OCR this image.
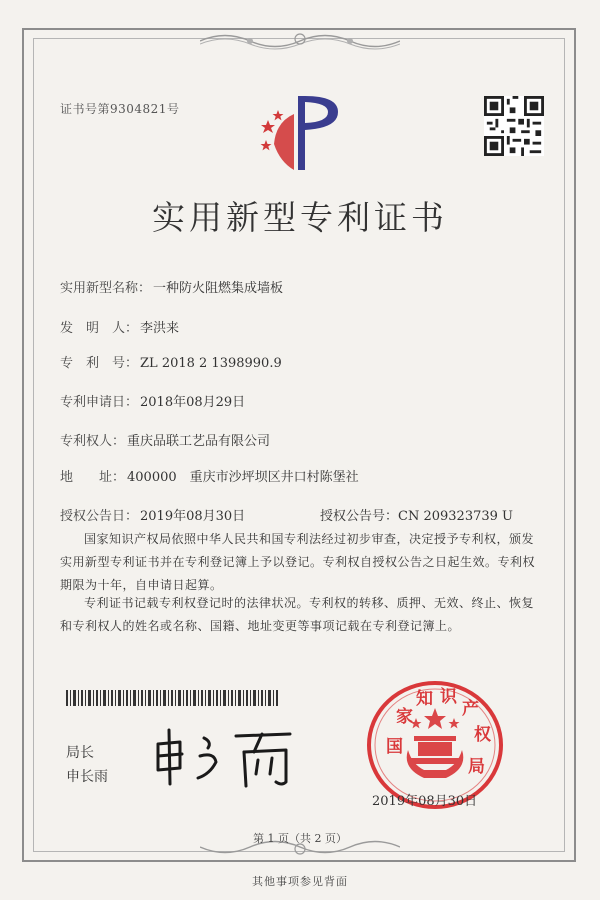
证书号第9304821号
实用新型专利证书
实用新型名称： 一种防火阻燃集成墙板
发　明　人： 李洪来
专　利　号： ZL 2018 2 1398990.9
专利申请日： 2018年08月29日
专利权人： 重庆品联工艺品有限公司
地　　址： 400000　重庆市沙坪坝区井口村陈堡社
授权公告日： 2019年08月30日	授权公告号：CN 209323739 U
国家知识产权局依照中华人民共和国专利法经过初步审查，决定授予专利权，颁发实用新型专利证书并在专利登记簿上予以登记。专利权自授权公告之日起生效。专利权期限为十年，自申请日起算。
专利证书记载专利权登记时的法律状况。专利权的转移、质押、无效、终止、恢复和专利权人的姓名或名称、国籍、地址变更等事项记载在专利登记簿上。
局长
申长雨
国
家
知 识
产
权
局
2019年08月30日
第 1 页（共 2 页）
其他事项参见背面
